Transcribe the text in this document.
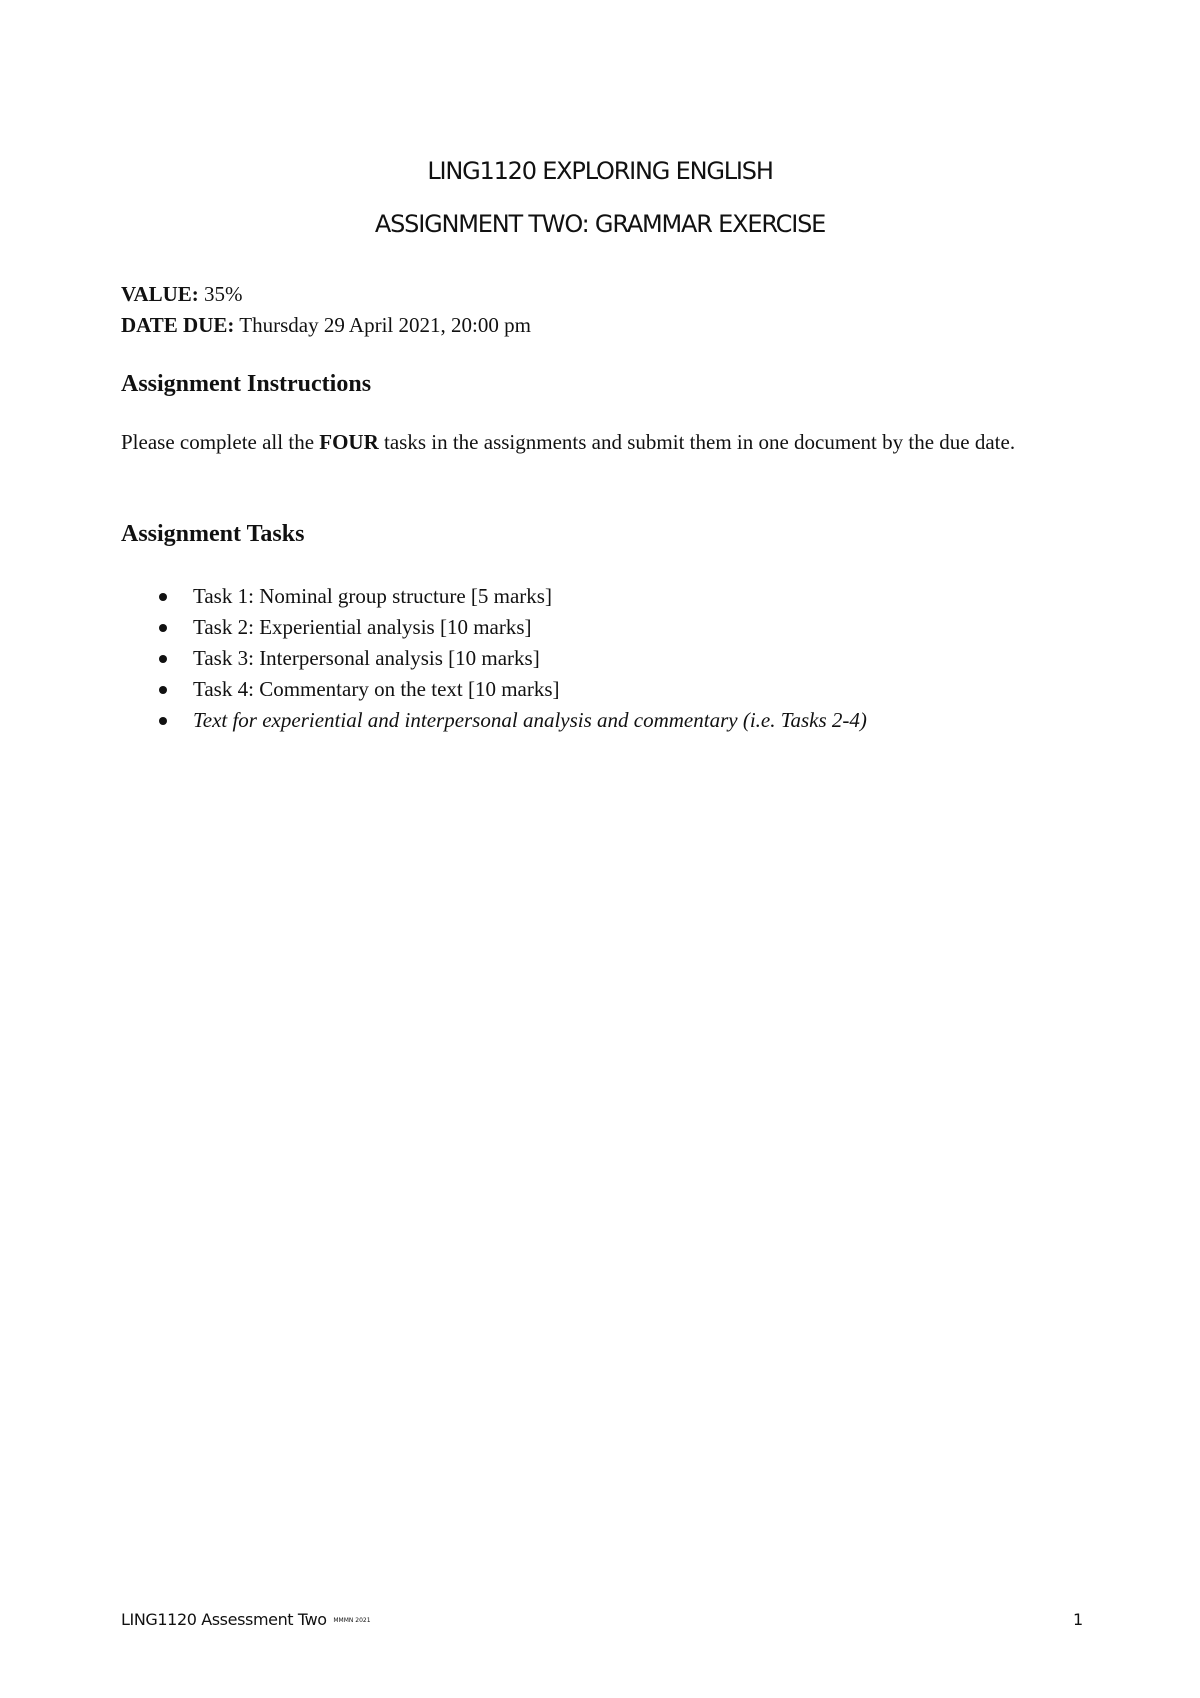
LING1120 EXPLORING ENGLISH

ASSIGNMENT TWO: GRAMMAR EXERCISE

VALUE: 35%
DATE DUE: Thursday 29 April 2021, 20:00 pm
Assignment Instructions

Please complete all the FOUR tasks in the assignments and submit them in one document by the due date.

Assignment Tasks
Task 1: Nominal group structure [5 marks]
Task 2: Experiential analysis [10 marks]
Task 3: Interpersonal analysis [10 marks]
Task 4: Commentary on the text [10 marks]
Text for experiential and interpersonal analysis and commentary (i.e. Tasks 2-4)
LING1120 Assessment Two MMMN 2021	1
